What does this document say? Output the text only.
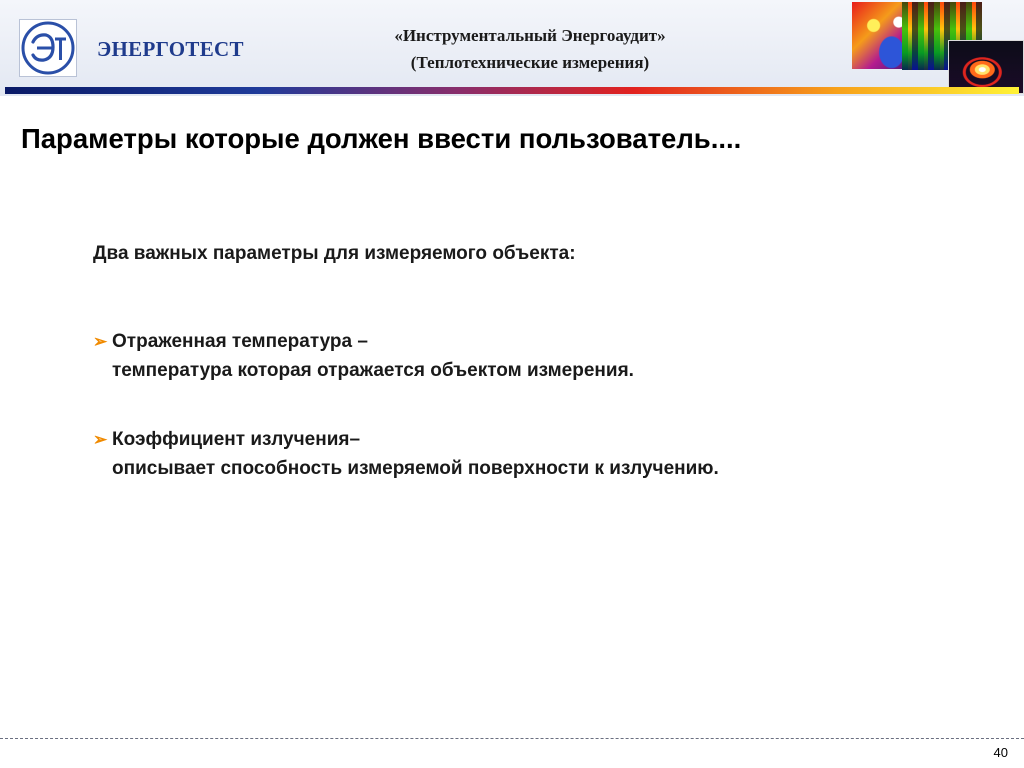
ЭНЕРГОТЕСТ
«Инструментальный Энергоаудит»
(Теплотехнические измерения)
Параметры которые должен ввести пользователь....
Два важных параметры для измеряемого объекта:
➢ Отраженная температура –
температура которая отражается объектом измерения.
➢ Коэффициент излучения–
описывает способность измеряемой поверхности к излучению.
40
